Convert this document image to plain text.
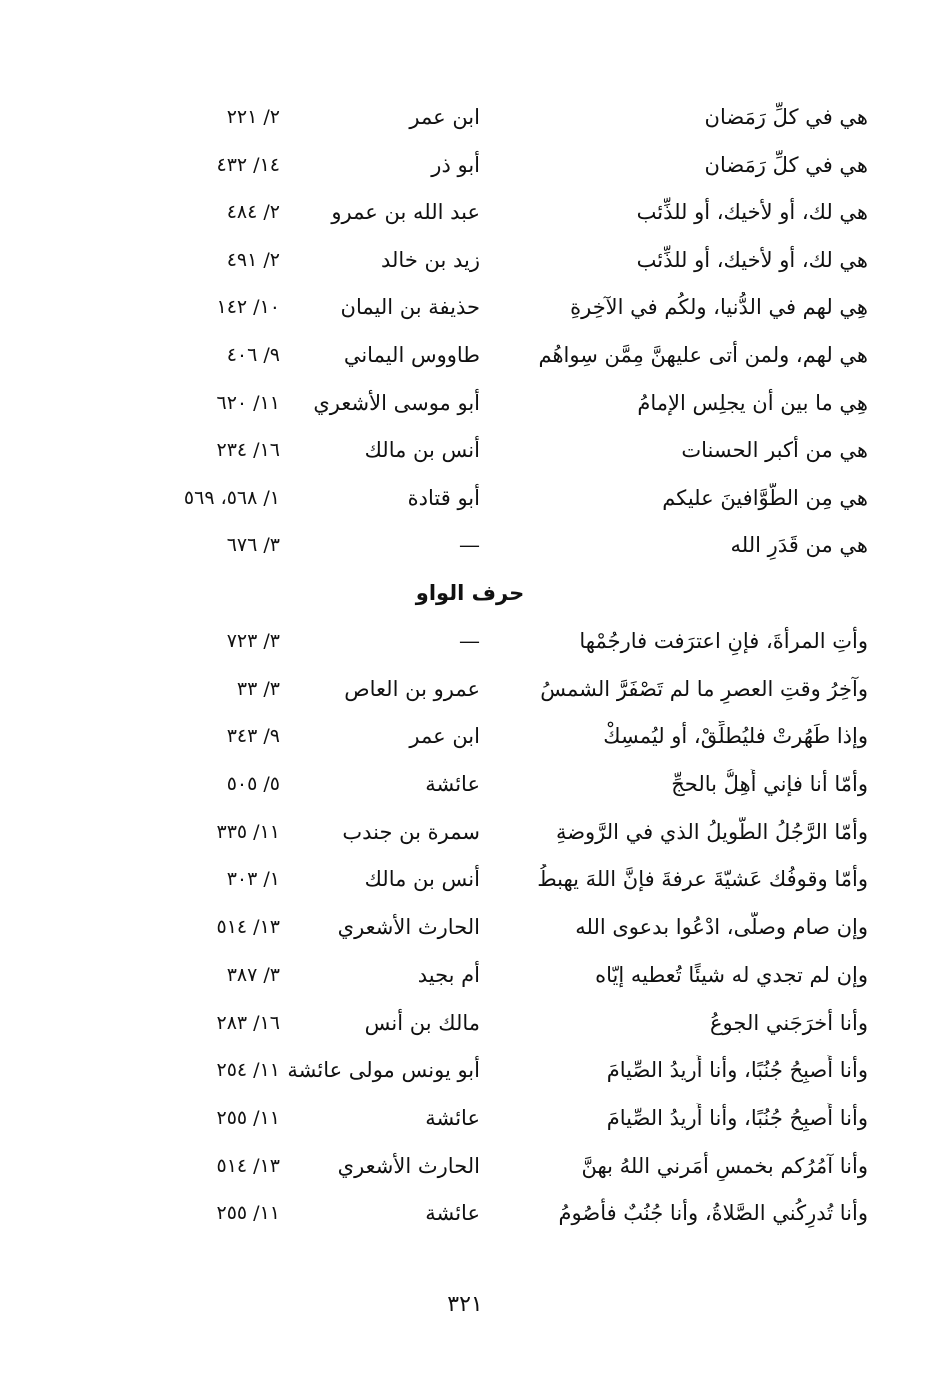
هي في كلِّ رَمَضان
ابن عمر
٢/ ٢٢١
هي في كلِّ رَمَضان
أبو ذر
١٤/ ٤٣٢
هي لك، أو لأخيك، أو للذِّئب
عبد الله بن عمرو
٢/ ٤٨٤
هي لك، أو لأخيك، أو للذِّئب
زيد بن خالد
٢/ ٤٩١
هِي لهم في الدُّنيا، ولكُم في الآخِرةِ
حذيفة بن اليمان
١٠/ ١٤٢
هي لهم، ولمن أتى عليهنَّ مِمَّن سِواهُم
طاووس اليماني
٩/ ٤٠٦
هِي ما بين أن يجلِس الإمامُ
أبو موسى الأشعري
١١/ ٦٢٠
هي من أكبر الحسنات
أنس بن مالك
١٦/ ٢٣٤
هي مِن الطَّوَّافينَ عليكم
أبو قتادة
١/ ٥٦٨، ٥٦٩
هي من قَدَرِ الله
—
٣/ ٦٧٦
حرف الواو
وأْتِ المرأةَ، فإنِ اعترَفت فارجُمْها
—
٣/ ٧٢٣
وآخِرُ وقتِ العصرِ ما لم تَصْفَرَّ الشمسُ
عمرو بن العاص
٣/ ٣٣
وإذا طَهُرتْ فليُطلِّقْ، أو ليُمسِكْ
ابن عمر
٩/ ٣٤٣
وأمّا أنا فإني أُهِلُّ بالحجِّ
عائشة
٥/ ٥٠٥
وأمّا الرَّجُلُ الطَّويلُ الذي في الرَّوضةِ
سمرة بن جندب
١١/ ٣٣٥
وأمّا وقوفُك عَشيّةَ عرفةَ فإنَّ اللهَ يهبطُ
أنس بن مالك
١/ ٣٠٣
وإن صام وصلَّى، ادْعُوا بدعوى الله
الحارث الأشعري
١٣/ ٥١٤
وإن لم تجدي له شيئًا تُعطيه إيّاه
أم بجيد
٣/ ٣٨٧
وأنا أخرَجَني الجوعُ
مالك بن أنس
١٦/ ٢٨٣
وأنا أُصبِحُ جُنُبًا، وأنا أُريدُ الصِّيامَ
أبو يونس مولى عائشة
١١/ ٢٥٤
وأنا أُصبِحُ جُنُبًا، وأنا أُريدُ الصِّيامَ
عائشة
١١/ ٢٥٥
وأنا آمُرُكم بخمسٍ أمَرني اللهُ بهنَّ
الحارث الأشعري
١٣/ ٥١٤
وأنا تُدرِكُني الصَّلاةُ، وأنا جُنُبٌ فأصُومُ
عائشة
١١/ ٢٥٥
٣٢١
